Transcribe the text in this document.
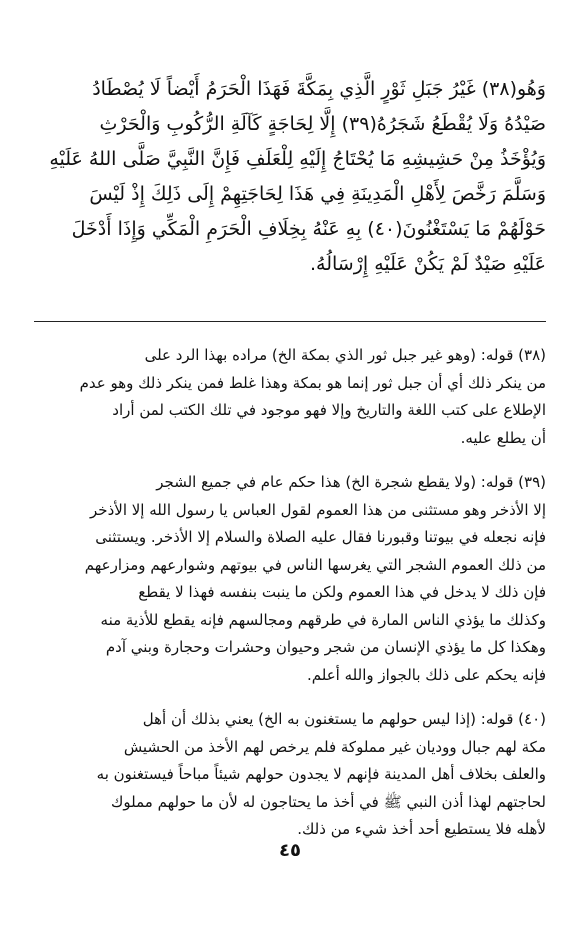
وَهُو(٣٨) غَيْرُ جَبَلِ ثَوْرٍ الَّذِي بِمَكَّةَ فَهَذَا الْحَرَمُ أَيْضاً لَا يُصْطَادُ
صَيْدُهُ وَلَا يُقْطَعُ شَجَرُهُ(٣٩) إِلَّا لِحَاجَةٍ كَآلَةِ الرُّكُوبِ وَالْحَرْثِ
وَيُؤْخَذُ مِنْ حَشِيشِهِ مَا يُحْتَاجُ إِلَيْهِ لِلْعَلَفِ فَإِنَّ النَّبِيَّ صَلَّى اللهُ عَلَيْهِ
وَسَلَّمَ رَخَّصَ لِأَهْلِ الْمَدِينَةِ فِي هَذَا لِحَاجَتِهِمْ إِلَى ذَلِكَ إِذْ لَيْسَ
حَوْلَهُمْ مَا يَسْتَغْنُونَ(٤٠) بِهِ عَنْهُ بِخِلَافِ الْحَرَمِ الْمَكِّي وَإِذَا أَدْخَلَ
عَلَيْهِ صَيْدٌ لَمْ يَكُنْ عَلَيْهِ إِرْسَالُهُ.
(٣٨) قوله: (وهو غير جبل ثور الذي بمكة الخ) مراده بهذا الرد على
من ينكر ذلك أي أن جبل ثور إنما هو بمكة وهذا غلط فمن ينكر ذلك وهو عدم
الإطلاع على كتب اللغة والتاريخ وإلا فهو موجود في تلك الكتب لمن أراد
أن يطلع عليه.
(٣٩) قوله: (ولا يقطع شجرة الخ) هذا حكم عام في جميع الشجر
إلا الأذخر وهو مستثنى من هذا العموم لقول العباس يا رسول الله إلا الأذخر
فإنه نجعله في بيوتنا وقبورنا فقال عليه الصلاة والسلام إلا الأذخر. ويستثنى
من ذلك العموم الشجر التي يغرسها الناس في بيوتهم وشوارعهم ومزارعهم
فإن ذلك لا يدخل في هذا العموم ولكن ما ينبت بنفسه فهذا لا يقطع
وكذلك ما يؤذي الناس المارة في طرقهم ومجالسهم فإنه يقطع للأذية منه
وهكذا كل ما يؤذي الإنسان من شجر وحيوان وحشرات وحجارة وبني آدم
فإنه يحكم على ذلك بالجواز والله أعلم.
(٤٠) قوله: (إذا ليس حولهم ما يستغنون به الخ) يعني بذلك أن أهل
مكة لهم جبال ووديان غير مملوكة فلم يرخص لهم الأخذ من الحشيش
والعلف بخلاف أهل المدينة فإنهم لا يجدون حولهم شيئاً مباحاً فيستغنون به
لحاجتهم لهذا أذن النبي ﷺ في أخذ ما يحتاجون له لأن ما حولهم مملوك
لأهله فلا يستطيع أحد أخذ شيء من ذلك.
٤٥
